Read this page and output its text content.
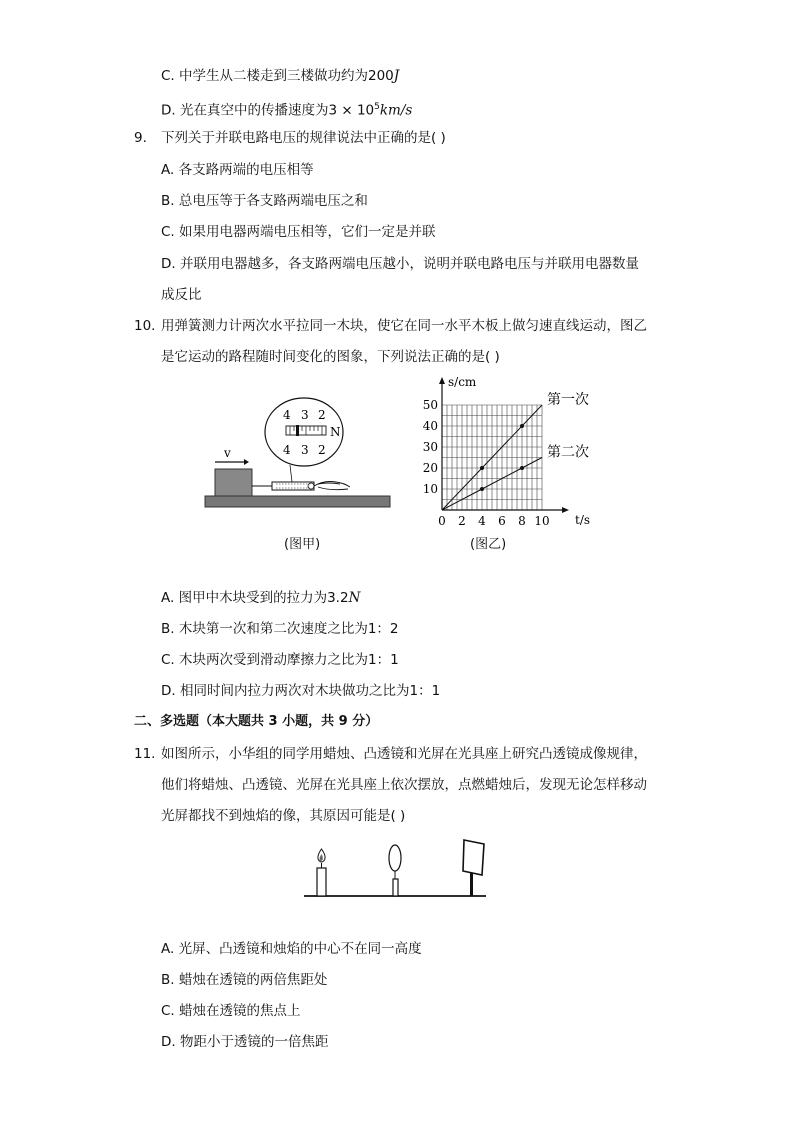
C. 中学生从二楼走到三楼做功约为200J
D. 光在真空中的传播速度为$3 \times 10^5km/s$
9. 下列关于并联电路电压的规律说法中正确的是( )
A. 各支路两端的电压相等
B. 总电压等于各支路两端电压之和
C. 如果用电器两端电压相等，它们一定是并联
D. 并联用电器越多，各支路两端电压越小，说明并联电路电压与并联用电器数量
成反比
10. 用弹簧测力计两次水平拉同一木块，使它在同一水平木板上做匀速直线运动，图乙
是它运动的路程随时间变化的图象，下列说法正确的是( )
v
4 3 2
N
4 3 2
(图甲)
t/s
s/cm
0 2 4 6 8 10
10
20
30
40
50	第一次
第二次
(图乙)
A. 图甲中木块受到的拉力为3.2N
B. 木块第一次和第二次速度之比为1：2
C. 木块两次受到滑动摩擦力之比为1：1
D. 相同时间内拉力两次对木块做功之比为1：1
二、多选题（本大题共 3 小题，共 9 分）
11. 如图所示，小华组的同学用蜡烛、凸透镜和光屏在光具座上研究凸透镜成像规律，
他们将蜡烛、凸透镜、光屏在光具座上依次摆放，点燃蜡烛后，发现无论怎样移动
光屏都找不到烛焰的像，其原因可能是( )
A. 光屏、凸透镜和烛焰的中心不在同一高度
B. 蜡烛在透镜的两倍焦距处
C. 蜡烛在透镜的焦点上
D. 物距小于透镜的一倍焦距
